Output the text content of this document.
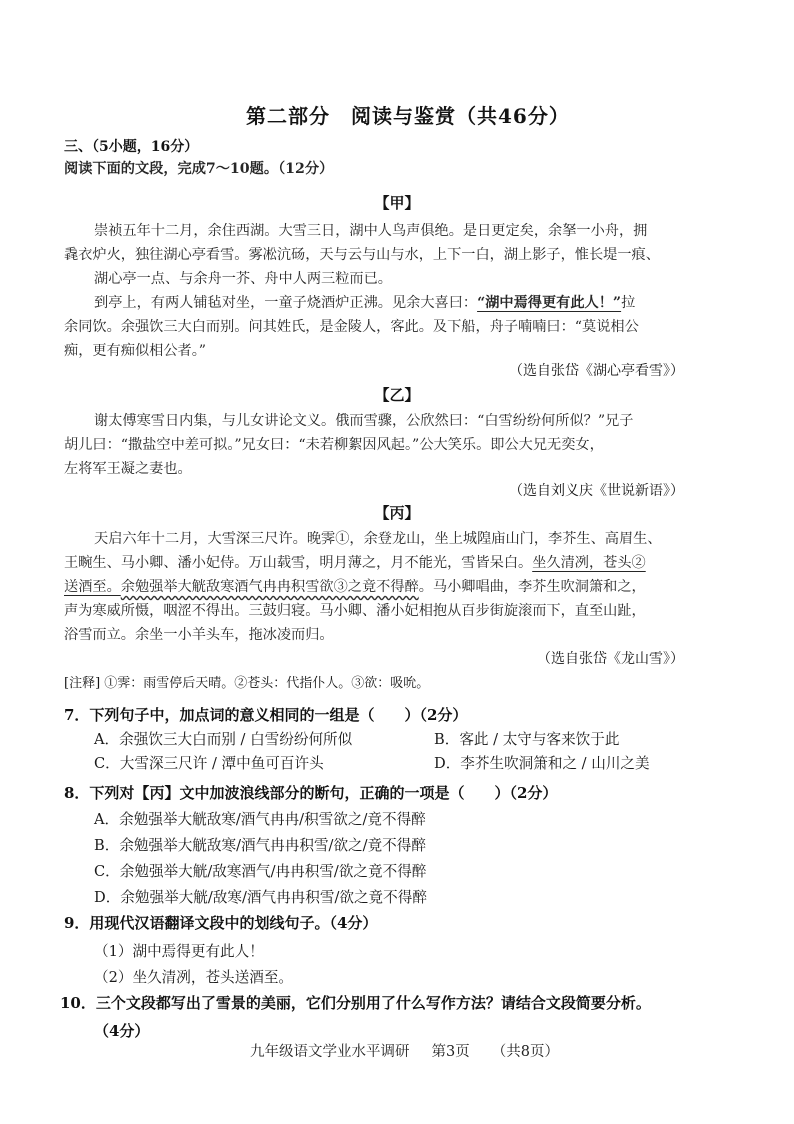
第二部分　阅读与鉴赏（共46分）
三、（5小题，16分）
阅读下面的文段，完成7～10题。（12分）
【甲】
崇祯五年十二月，余住西湖。大雪三日，湖中人鸟声俱绝。是日更定矣，余拏一小舟，拥
毳衣炉火，独往湖心亭看雪。雾凇沆砀，天与云与山与水，上下一白，湖上影子，惟长堤一痕、
湖心亭一点、与余舟一芥、舟中人两三粒而已。
到亭上，有两人铺毡对坐，一童子烧酒炉正沸。见余大喜曰：“湖中焉得更有此人！”拉
余同饮。余强饮三大白而别。问其姓氏，是金陵人，客此。及下船，舟子喃喃曰：“莫说相公
痴，更有痴似相公者。”
（选自张岱《湖心亭看雪》）
【乙】
谢太傅寒雪日内集，与儿女讲论文义。俄而雪骤，公欣然曰：“白雪纷纷何所似？”兄子
胡儿曰：“撒盐空中差可拟。”兄女曰：“未若柳絮因风起。”公大笑乐。即公大兄无奕女，
左将军王凝之妻也。
（选自刘义庆《世说新语》）
【丙】
天启六年十二月，大雪深三尺许。晚霁①，余登龙山，坐上城隍庙山门，李芥生、高眉生、
王畹生、马小卿、潘小妃侍。万山载雪，明月薄之，月不能光，雪皆呆白。坐久清冽，苍头②
送酒至。余勉强举大觥敌寒酒气冉冉积雪欲③之竟不得醉。马小卿唱曲，李芥生吹洞箫和之，
声为寒威所慑，咽涩不得出。三鼓归寝。马小卿、潘小妃相抱从百步街旋滚而下，直至山趾，
浴雪而立。余坐一小羊头车，拖冰凌而归。
（选自张岱《龙山雪》）
[注释] ①霁：雨雪停后天晴。②苍头：代指仆人。③欲：吸吮。
7．下列句子中，加点词的意义相同的一组是（　　）（2分）
A．余强饮三大白而别 / 白雪纷纷何所似	B．客此 / 太守与客来饮于此
C．大雪深三尺许 / 潭中鱼可百许头	D．李芥生吹洞箫和之 / 山川之美
8．下列对【丙】文中加波浪线部分的断句，正确的一项是（　　）（2分）
A．余勉强举大觥敌寒/酒气冉冉/积雪欲之/竟不得醉
B．余勉强举大觥敌寒/酒气冉冉积雪/欲之/竟不得醉
C．余勉强举大觥/敌寒酒气/冉冉积雪/欲之竟不得醉
D．余勉强举大觥/敌寒/酒气冉冉积雪/欲之竟不得醉
9．用现代汉语翻译文段中的划线句子。（4分）
（1）湖中焉得更有此人！
（2）坐久清冽，苍头送酒至。
10．三个文段都写出了雪景的美丽，它们分别用了什么写作方法？请结合文段简要分析。
（4分）
九年级语文学业水平调研 第3页 （共8页）
